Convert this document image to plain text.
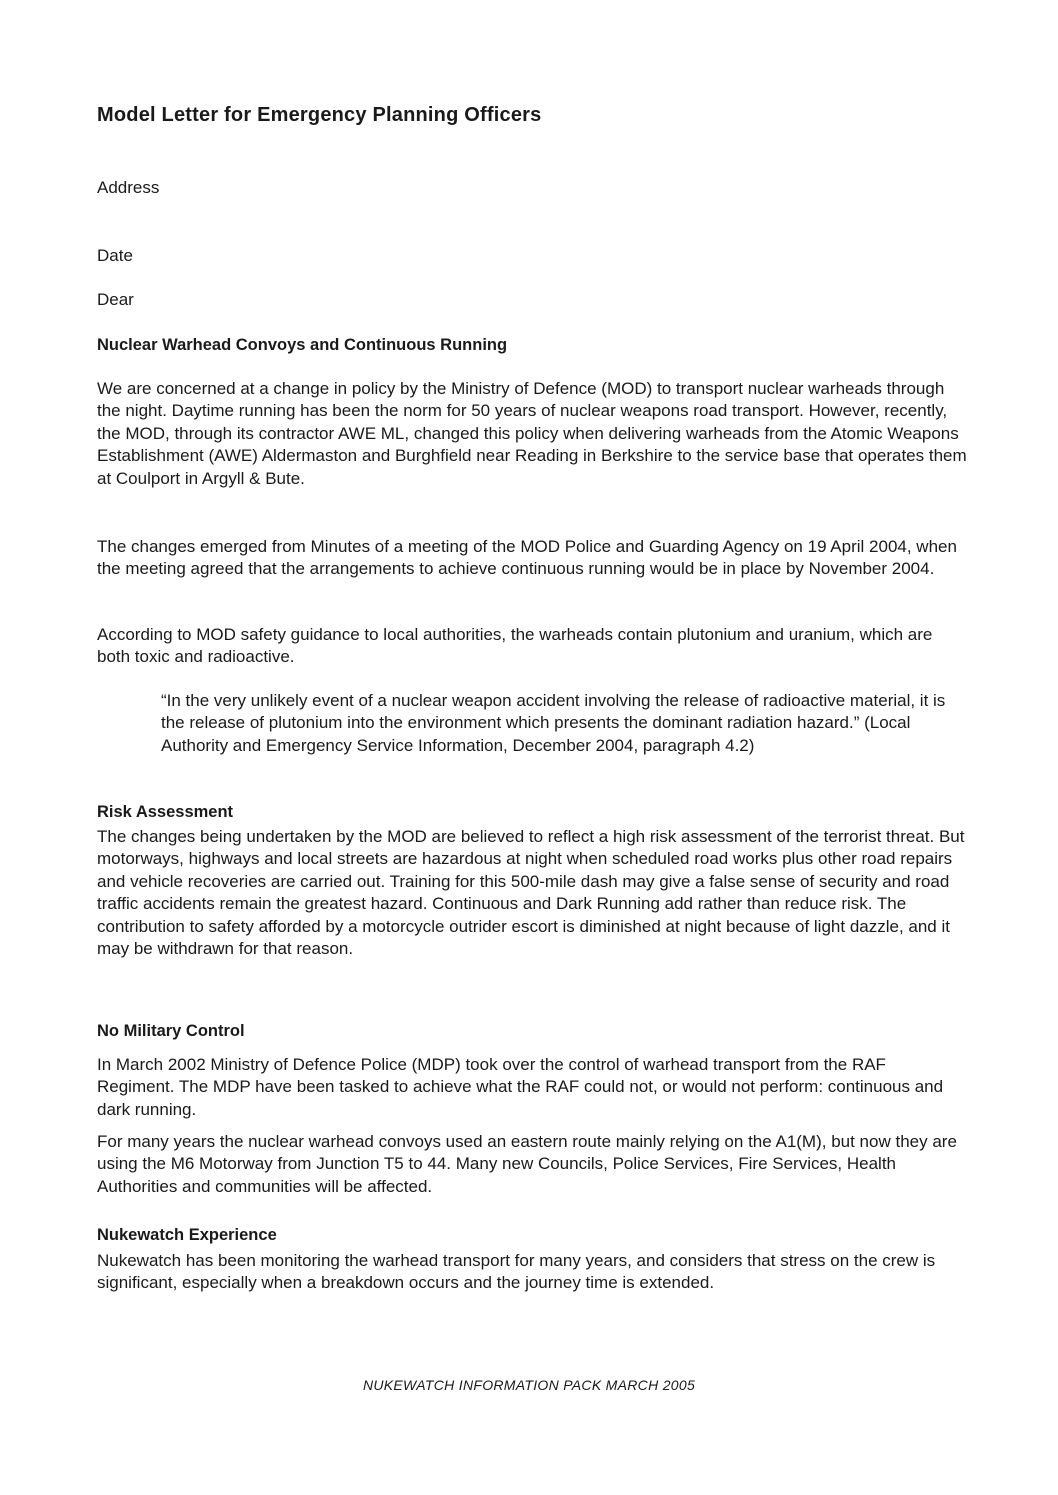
Model Letter for Emergency Planning Officers

Address

Date

Dear

Nuclear Warhead Convoys and Continuous Running

We are concerned at a change in policy by the Ministry of Defence (MOD) to transport nuclear warheads through the night. Daytime running has been the norm for 50 years of nuclear weapons road transport. However, recently, the MOD, through its contractor AWE ML, changed this policy when delivering warheads from the Atomic Weapons Establishment (AWE) Aldermaston and Burghfield near Reading in Berkshire to the service base that operates them at Coulport in Argyll & Bute.

The changes emerged from Minutes of a meeting of the MOD Police and Guarding Agency on 19 April 2004, when the meeting agreed that the arrangements to achieve continuous running would be in place by November 2004.

According to MOD safety guidance to local authorities, the warheads contain plutonium and uranium, which are both toxic and radioactive.

“In the very unlikely event of a nuclear weapon accident involving the release of radioactive material, it is the release of plutonium into the environment which presents the dominant radiation hazard.” (Local Authority and Emergency Service Information, December 2004, paragraph 4.2)

Risk Assessment

The changes being undertaken by the MOD are believed to reflect a high risk assessment of the terrorist threat. But motorways, highways and local streets are hazardous at night when scheduled road works plus other road repairs and vehicle recoveries are carried out. Training for this 500-mile dash may give a false sense of security and road traffic accidents remain the greatest hazard. Continuous and Dark Running add rather than reduce risk. The contribution to safety afforded by a motorcycle outrider escort is diminished at night because of light dazzle, and it may be withdrawn for that reason.

No Military Control

In March 2002 Ministry of Defence Police (MDP) took over the control of warhead transport from the RAF Regiment. The MDP have been tasked to achieve what the RAF could not, or would not perform: continuous and dark running.

For many years the nuclear warhead convoys used an eastern route mainly relying on the A1(M), but now they are using the M6 Motorway from Junction T5 to 44. Many new Councils, Police Services, Fire Services, Health Authorities and communities will be affected.

Nukewatch Experience

Nukewatch has been monitoring the warhead transport for many years, and considers that stress on the crew is significant, especially when a breakdown occurs and the journey time is extended.

NUKEWATCH INFORMATION PACK MARCH 2005
